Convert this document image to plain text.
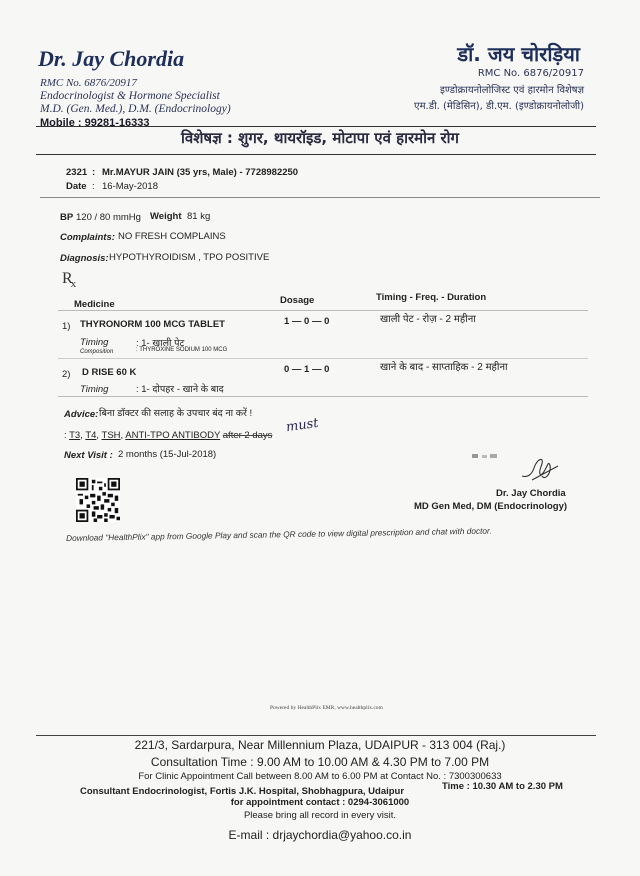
Dr. Jay Chordia
RMC No. 6876/20917
Endocrinologist & Hormone Specialist
M.D. (Gen. Med.), D.M. (Endocrinology)
Mobile : 99281-16333
डॉ. जय चोरड़िया
RMC No. 6876/20917
इण्डोक्रायनोलोजिस्ट एवं हारमोन विशेषज्ञ
एम.डी. (मेडिसिन), डी.एम. (इण्डोक्रायनोलोजी)
विशेषज्ञ : शुगर, थायरॉइड, मोटापा एवं हारमोन रोग
2321 : Mr.MAYUR JAIN (35 yrs, Male) - 7728982250
Date : 16-May-2018
BP 120 / 80 mmHg Weight 81 kg
Complaints: NO FRESH COMPLAINS
Diagnosis: HYPOTHYROIDISM , TPO POSITIVE
$R_x$
Medicine	Dosage	Timing - Freq. - Duration
1) THYRONORM 100 MCG TABLET	1 — 0 — 0	खाली पेट - रोज़ - 2 महीना
Timing	: 1- खाली पेट
Composition	: THYROXINE SODIUM 100 MCG
2) D RISE 60 K	0 — 1 — 0	खाने के बाद - साप्ताहिक - 2 महीना
Timing	: 1- दोपहर - खाने के बाद
Advice: बिना डॉक्टर की सलाह के उपचार बंद ना करें !
: T3, T4, TSH, ANTI-TPO ANTIBODY after 2 days
must
Next Visit : 2 months (15-Jul-2018)
Dr. Jay Chordia
MD Gen Med, DM (Endocrinology)
Download "HealthPlix" app from Google Play and scan the QR code to view digital prescription and chat with doctor.
Powered by HealthPlix EMR, www.healthplix.com
221/3, Sardarpura, Near Millennium Plaza, UDAIPUR - 313 004 (Raj.)
Consultation Time : 9.00 AM to 10.00 AM & 4.30 PM to 7.00 PM
For Clinic Appointment Call between 8.00 AM to 6.00 PM at Contact No. : 7300300633
Consultant Endocrinologist, Fortis J.K. Hospital, Shobhagpura, Udaipur	Time : 10.30 AM to 2.30 PM
for appointment contact : 0294-3061000
Please bring all record in every visit.
E-mail : drjaychordia@yahoo.co.in
